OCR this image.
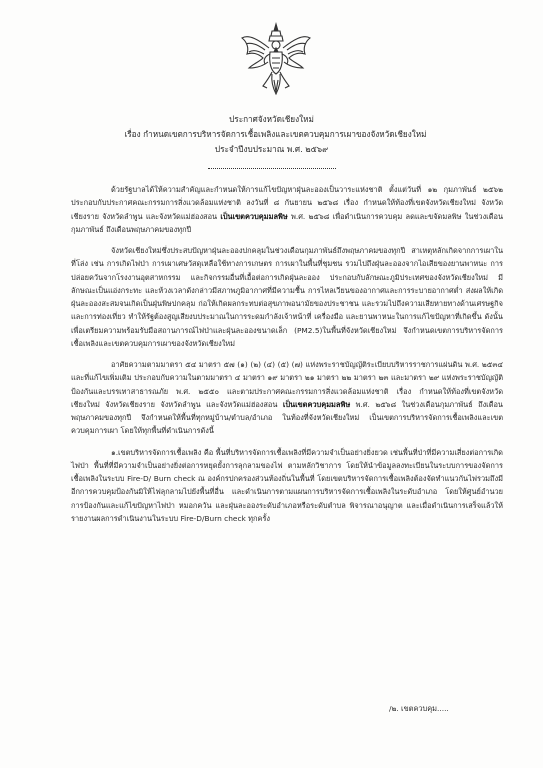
ประกาศจังหวัดเชียงใหม่
เรื่อง กำหนดเขตการบริหารจัดการเชื้อเพลิงและเขตควบคุมการเผาของจังหวัดเชียงใหม่
ประจำปีงบประมาณ พ.ศ. ๒๕๖๙

ด้วยรัฐบาลได้ให้ความสำคัญและกำหนดให้การแก้ไขปัญหาฝุ่นละอองเป็นวาระแห่งชาติ ตั้งแต่วันที่ ๑๒ กุมภาพันธ์ ๒๕๖๒ ประกอบกับประกาศคณะกรรมการสิ่งแวดล้อมแห่งชาติ ลงวันที่ ๘ กันยายน ๒๕๖๘ เรื่อง กำหนดให้ท้องที่เขตจังหวัดเชียงใหม่ จังหวัดเชียงราย จังหวัดลำพูน และจังหวัดแม่ฮ่องสอน เป็นเขตควบคุมมลพิษ พ.ศ. ๒๕๖๘ เพื่อดำเนินการควบคุม ลดและขจัดมลพิษ ในช่วงเดือนกุมภาพันธ์ ถึงเดือนพฤษภาคมของทุกปี

จังหวัดเชียงใหม่ซึ่งประสบปัญหาฝุ่นละอองปกคลุมในช่วงเดือนกุมภาพันธ์ถึงพฤษภาคมของทุกปี สาเหตุหลักเกิดจากการเผาในที่โล่ง เช่น การเกิดไฟป่า การเผาเศษวัสดุเหลือใช้ทางการเกษตร การเผาในพื้นที่ชุมชน รวมไปถึงฝุ่นละอองจากไอเสียของยานพาหนะ การปล่อยควันจากโรงงานอุตสาหกรรม และกิจกรรมอื่นที่เอื้อต่อการเกิดฝุ่นละออง ประกอบกับลักษณะภูมิประเทศของจังหวัดเชียงใหม่ มีลักษณะเป็นแอ่งกระทะ และห้วงเวลาดังกล่าวมีสภาพภูมิอากาศที่มีความชื้น การไหลเวียนของอากาศและการระบายอากาศต่ำ ส่งผลให้เกิดฝุ่นละอองสะสมจนเกิดเป็นฝุ่นพิษปกคลุม ก่อให้เกิดผลกระทบต่อสุขภาพอนามัยของประชาชน และรวมไปถึงความเสียหายทางด้านเศรษฐกิจและการท่องเที่ยว ทำให้รัฐต้องสูญเสียงบประมาณในการระดมกำลังเจ้าหน้าที่ เครื่องมือ และยานพาหนะในการแก้ไขปัญหาที่เกิดขึ้น ดังนั้นเพื่อเตรียมความพร้อมรับมือสถานการณ์ไฟป่าและฝุ่นละอองขนาดเล็ก (PM2.5)ในพื้นที่จังหวัดเชียงใหม่ จึงกำหนดเขตการบริหารจัดการเชื้อเพลิงและเขตควบคุมการเผาของจังหวัดเชียงใหม่

อาศัยความตามมาตรา ๕๔ มาตรา ๕๗ (๑) (๒) (๔) (๕) (๗) แห่งพระราชบัญญัติระเบียบบริหารราชการแผ่นดิน พ.ศ. ๒๕๓๔ และที่แก้ไขเพิ่มเติม ประกอบกับความในตามมาตรา ๔ มาตรา ๑๙ มาตรา ๒๑ มาตรา ๒๒ มาตรา ๒๓ และมาตรา ๒๙ แห่งพระราชบัญญัติป้องกันและบรรเทาสาธารณภัย พ.ศ. ๒๕๕๐ และตามประกาศคณะกรรมการสิ่งแวดล้อมแห่งชาติ เรื่อง กำหนดให้ท้องที่เขตจังหวัดเชียงใหม่ จังหวัดเชียงราย จังหวัดลำพูน และจังหวัดแม่ฮ่องสอน เป็นเขตควบคุมมลพิษ พ.ศ. ๒๕๖๘ ในช่วงเดือนกุมภาพันธ์ ถึงเดือนพฤษภาคมของทุกปี จึงกำหนดให้พื้นที่ทุกหมู่บ้าน/ตำบล/อำเภอ ในท้องที่จังหวัดเชียงใหม่ เป็นเขตการบริหารจัดการเชื้อเพลิงและเขตควบคุมการเผา โดยให้ทุกพื้นที่ดำเนินการดังนี้

๑.เขตบริหารจัดการเชื้อเพลิง คือ พื้นที่บริหารจัดการเชื้อเพลิงที่มีความจำเป็นอย่างยิ่งยวด เช่นพื้นที่ป่าที่มีความเสี่ยงต่อการเกิดไฟป่า พื้นที่ที่มีความจำเป็นอย่างยิ่งต่อการหยุดยั้งการลุกลามของไฟ ตามหลักวิชาการ โดยให้นำข้อมูลลงทะเบียนในระบบการของจัดการเชื้อเพลิงในระบบ Fire-D/ Burn check ณ องค์กรปกครองส่วนท้องถิ่นในพื้นที่ โดยเขตบริหารจัดการเชื้อเพลิงต้องจัดทำแนวกันไฟรวมถึงมีอีกการควบคุมป้องกันมิให้ไฟลุกลามไปยังพื้นที่อื่น และดำเนินการตามแผนการบริหารจัดการเชื้อเพลิงในระดับอำเภอ โดยให้ศูนย์อำนวยการป้องกันและแก้ไขปัญหาไฟป่า หมอกควัน และฝุ่นละอองระดับอำเภอหรือระดับตำบล พิจารณาอนุญาต และเมื่อดำเนินการเสร็จแล้วให้รายงานผลการดำเนินงานในระบบ Fire-D/Burn check ทุกครั้ง

/๒. เขตควบคุม.....
